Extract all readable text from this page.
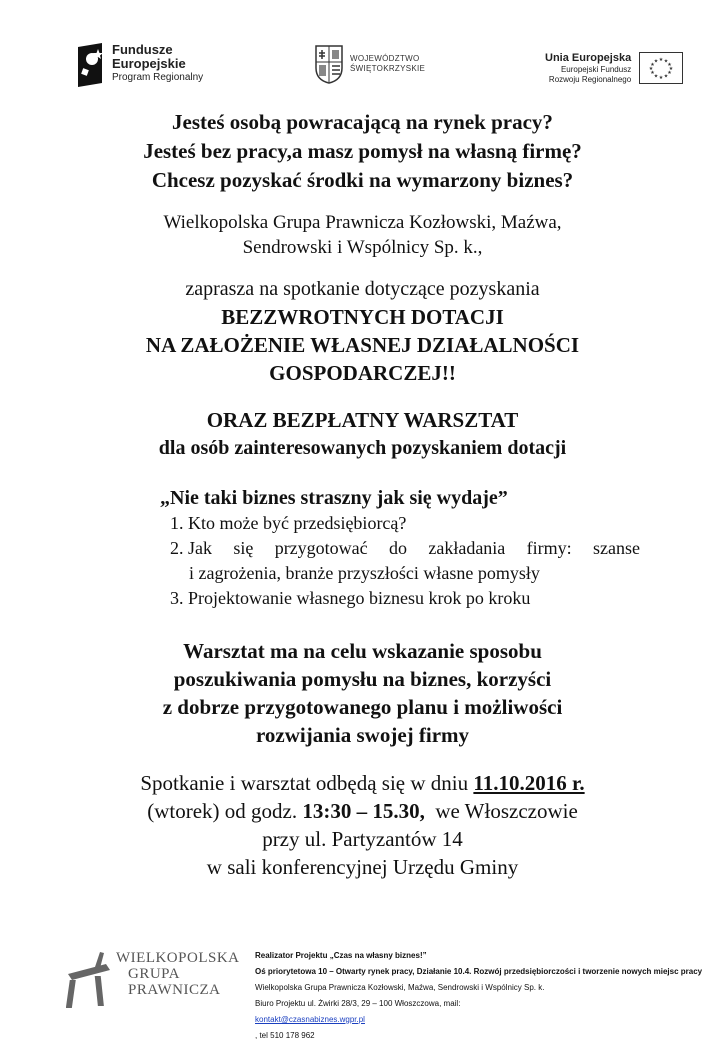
Fundusze
Europejskie
Program Regionalny
WOJEWÓDZTWO
ŚWIĘTOKRZYSKIE
Unia Europejska
Europejski Fundusz
Rozwoju Regionalnego
★ ★
★
★
★
★
★
★
★
★
★
★
Jesteś osobą powracającą na rynek pracy?
Jesteś bez pracy,a masz pomysł na własną firmę?
Chcesz pozyskać środki na wymarzony biznes?
Wielkopolska Grupa Prawnicza Kozłowski, Maźwa,
Sendrowski i Wspólnicy Sp. k.,
zaprasza na spotkanie dotyczące pozyskania
BEZZWROTNYCH DOTACJI
NA ZAŁOŻENIE WŁASNEJ DZIAŁALNOŚCI
GOSPODARCZEJ!!
ORAZ BEZPŁATNY WARSZTAT
dla osób zainteresowanych pozyskaniem dotacji
„Nie taki biznes straszny jak się wydaje”
1. Kto może być przedsiębiorcą?
2. Jak się przygotować do zakładania firmy: szanse
i zagrożenia, branże przyszłości własne pomysły
3. Projektowanie własnego biznesu krok po kroku
Warsztat ma na celu wskazanie sposobu
poszukiwania pomysłu na biznes, korzyści
z dobrze przygotowanego planu i możliwości
rozwijania swojej firmy
Spotkanie i warsztat odbędą się w dniu 11.10.2016 r.
(wtorek) od godz. 13:30 – 15.30,  we Włoszczowie
przy ul. Partyzantów 14
w sali konferencyjnej Urzędu Gminy
WIELKOPOLSKA
GRUPA
PRAWNICZA
Realizator Projektu „Czas na własny biznes!”
Oś priorytetowa 10 – Otwarty rynek pracy, Działanie 10.4. Rozwój przedsiębiorczości i tworzenie nowych miejsc pracy
Wielkopolska Grupa Prawnicza Kozłowski, Maźwa, Sendrowski i Wspólnicy Sp. k.
Biuro Projektu ul. Żwirki 28/3, 29 – 100 Włoszczowa, mail:
kontakt@czasnabiznes.wgpr.pl
, tel 510 178 962
